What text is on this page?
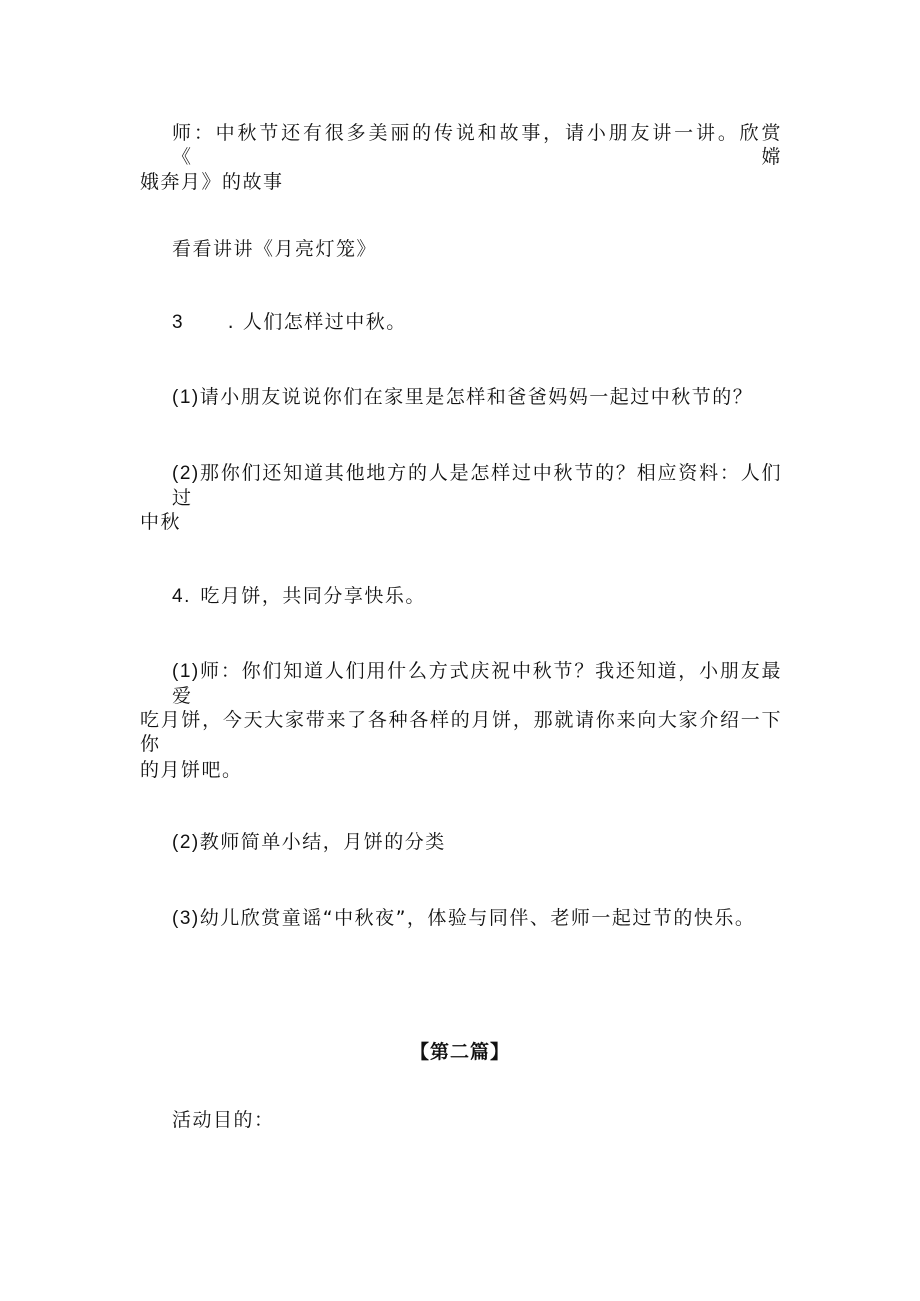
师：中秋节还有很多美丽的传说和故事，请小朋友讲一讲。欣赏《嫦
娥奔月》的故事
看看讲讲《月亮灯笼》
3 . 人们怎样过中秋。
(1)请小朋友说说你们在家里是怎样和爸爸妈妈一起过中秋节的？
(2)那你们还知道其他地方的人是怎样过中秋节的？相应资料：人们过
中秋
4. 吃月饼，共同分享快乐。
(1)师：你们知道人们用什么方式庆祝中秋节？我还知道，小朋友最爱
吃月饼，今天大家带来了各种各样的月饼，那就请你来向大家介绍一下你
的月饼吧。
(2)教师简单小结，月饼的分类
(3)幼儿欣赏童谣“中秋夜”，体验与同伴、老师一起过节的快乐。
【第二篇】
活动目的：
